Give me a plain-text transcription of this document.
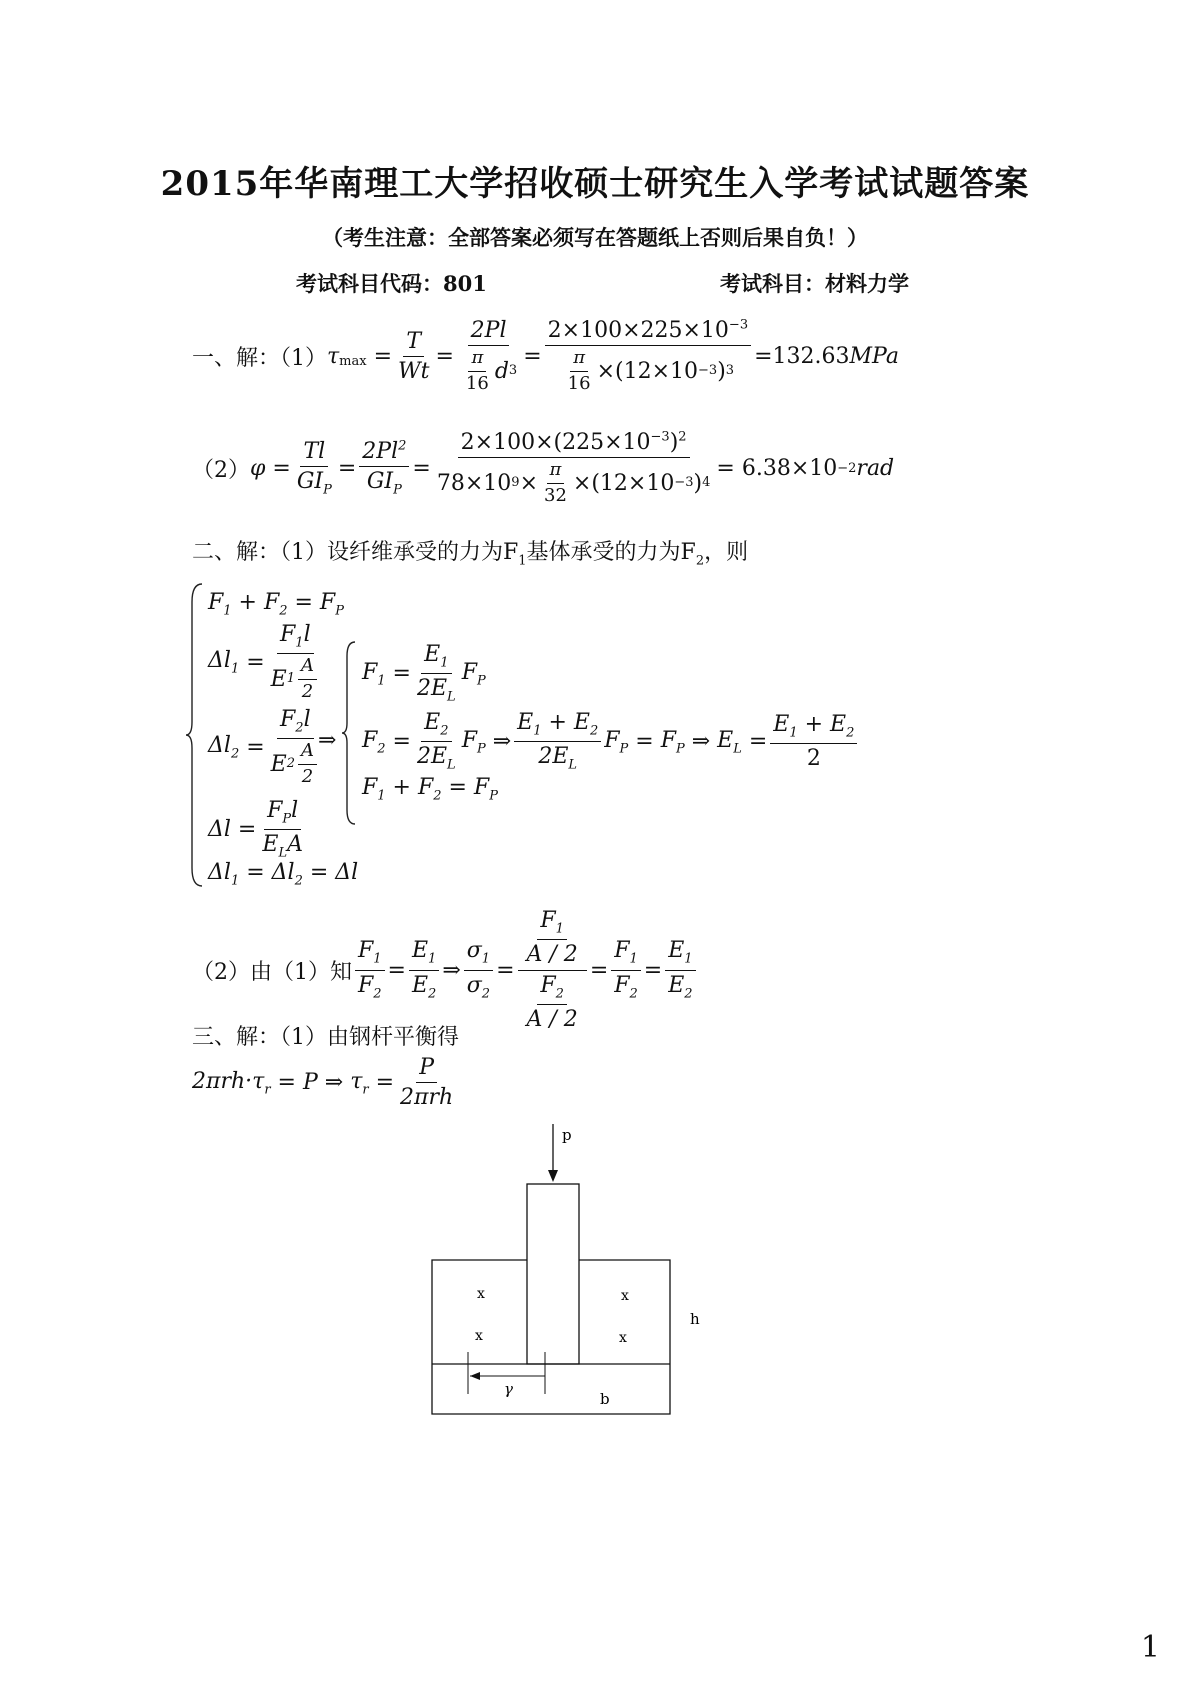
2015年华南理工大学招收硕士研究生入学考试试题答案
（考生注意：全部答案必须写在答题纸上否则后果自负！）
考试科目代码：801	考试科目：材料力学
一、解：（1） $\tau_{max} = \frac{T}{Wt} = \frac{2Pl}{\frac{\pi}{16} d 3} = \frac{2\times 100\times 225\times 10^{-3}}{\frac{\pi}{16} \times(12\times 10 -3 ) 3} =132.63$ MPa
（2） $\varphi = \frac{Tl}{GI_P} = \frac{2Pl^2}{GI_P} = \frac{2\times 100\times(225\times 10^{-3})^2}{78\times 10 9 \times \frac{\pi}{32} \times(12\times 10 -3 ) 4} = 6.38\times 10 -2$ rad
二、解：（1）设纤维承受的力为$F_1$基体承受的力为$F_2$，则
$F_1 + F_2 = F_P$
$\Delta l_1 = \frac{F_1l}{E 1 \frac{A}{2}}$
$\Delta l_2 = \frac{F_2l}{E 2 \frac{A}{2}}$
$\Delta l = \frac{F_Pl}{E_LA}$
$\Delta l_1 = \Delta l_2 = \Delta l$
⇒
$F_1 = \frac{E_1}{2E_L} F_P$
$F_2 = \frac{E_2}{2E_L} F_P$ ⇒ $\frac{E_1 + E_2}{2E_L} F_P = F_P$ ⇒ $E_L = \frac{E_1 + E_2}{2}$
$F_1 + F_2 = F_P$
（2）由（1）知 $\frac{F_1}{F_2} = \frac{E_1}{E_2}$ ⇒ $\frac{\sigma_1}{\sigma_2} = \frac{\frac{F_1}{A / 2}}{\frac{F_2}{A / 2}} = \frac{F_1}{F_2} = \frac{E_1}{E_2}$
三、解：（1）由钢杆平衡得
$2\pi rh\cdot\tau_r = P$ ⇒ $\tau_r = \frac{P}{\text{2πrh}}$
p
x	x
x	x
h
γ
b
1
